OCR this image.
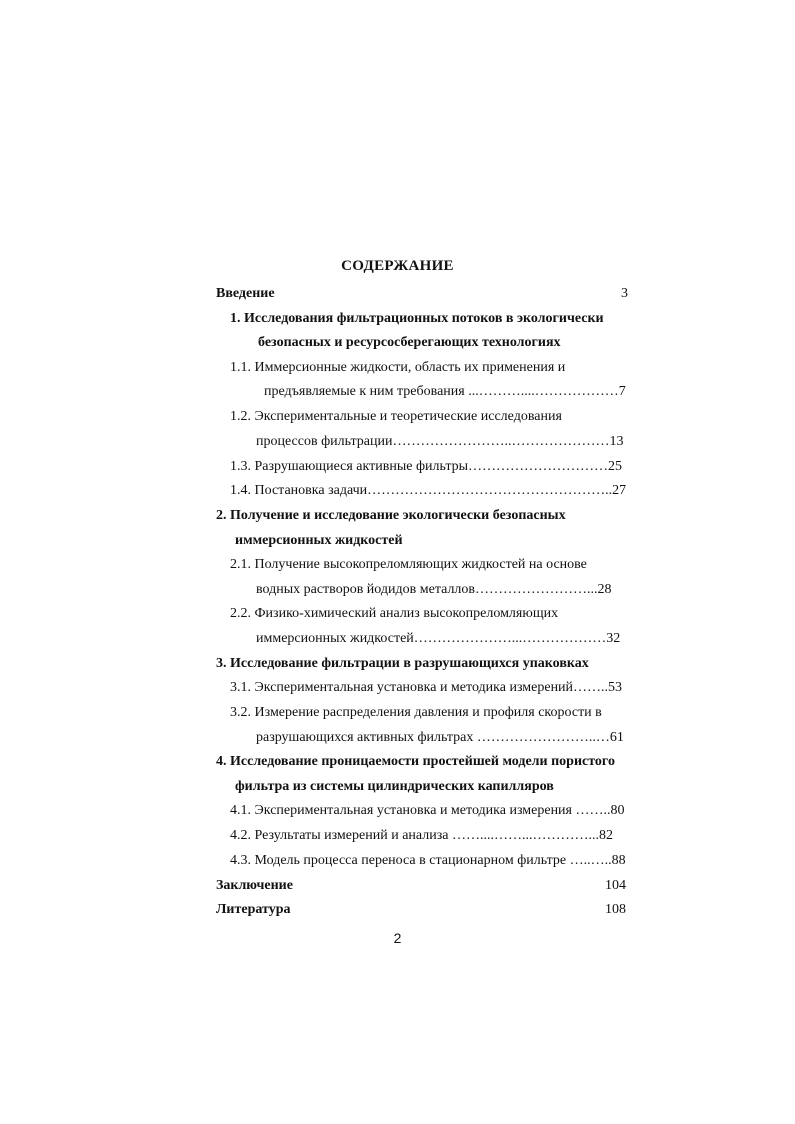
СОДЕРЖАНИЕ
Введение	3
1. Исследования фильтрационных потоков в экологически
безопасных и ресурсосберегающих технологиях
1.1. Иммерсионные жидкости, область их применения и
предъявляемые к ним требования ...………....………………7
1.2. Экспериментальные и теоретические исследования
процессов фильтрации……………………..…………………13
1.3. Разрушающиеся активные фильтры…………………………25
1.4. Постановка задачи……………………………………………..27
2. Получение и исследование экологически безопасных
иммерсионных жидкостей
2.1. Получение высокопреломляющих жидкостей на основе
водных растворов йодидов металлов……………………...28
2.2. Физико-химический анализ высокопреломляющих
иммерсионных жидкостей…………………...………………32
3. Исследование фильтрации в разрушающихся упаковках
3.1. Экспериментальная установка и методика измерений……..53
3.2. Измерение распределения давления и профиля скорости в
разрушающихся активных фильтрах ……………………..…61
4. Исследование проницаемости простейшей модели пористого
фильтра из системы цилиндрических капилляров
4.1. Экспериментальная установка и методика измерения ……..80
4.2. Результаты измерений и анализа ……....……...…………...82
4.3. Модель процесса переноса в стационарном фильтре …..…..88
Заключение	104
Литература	108
2
